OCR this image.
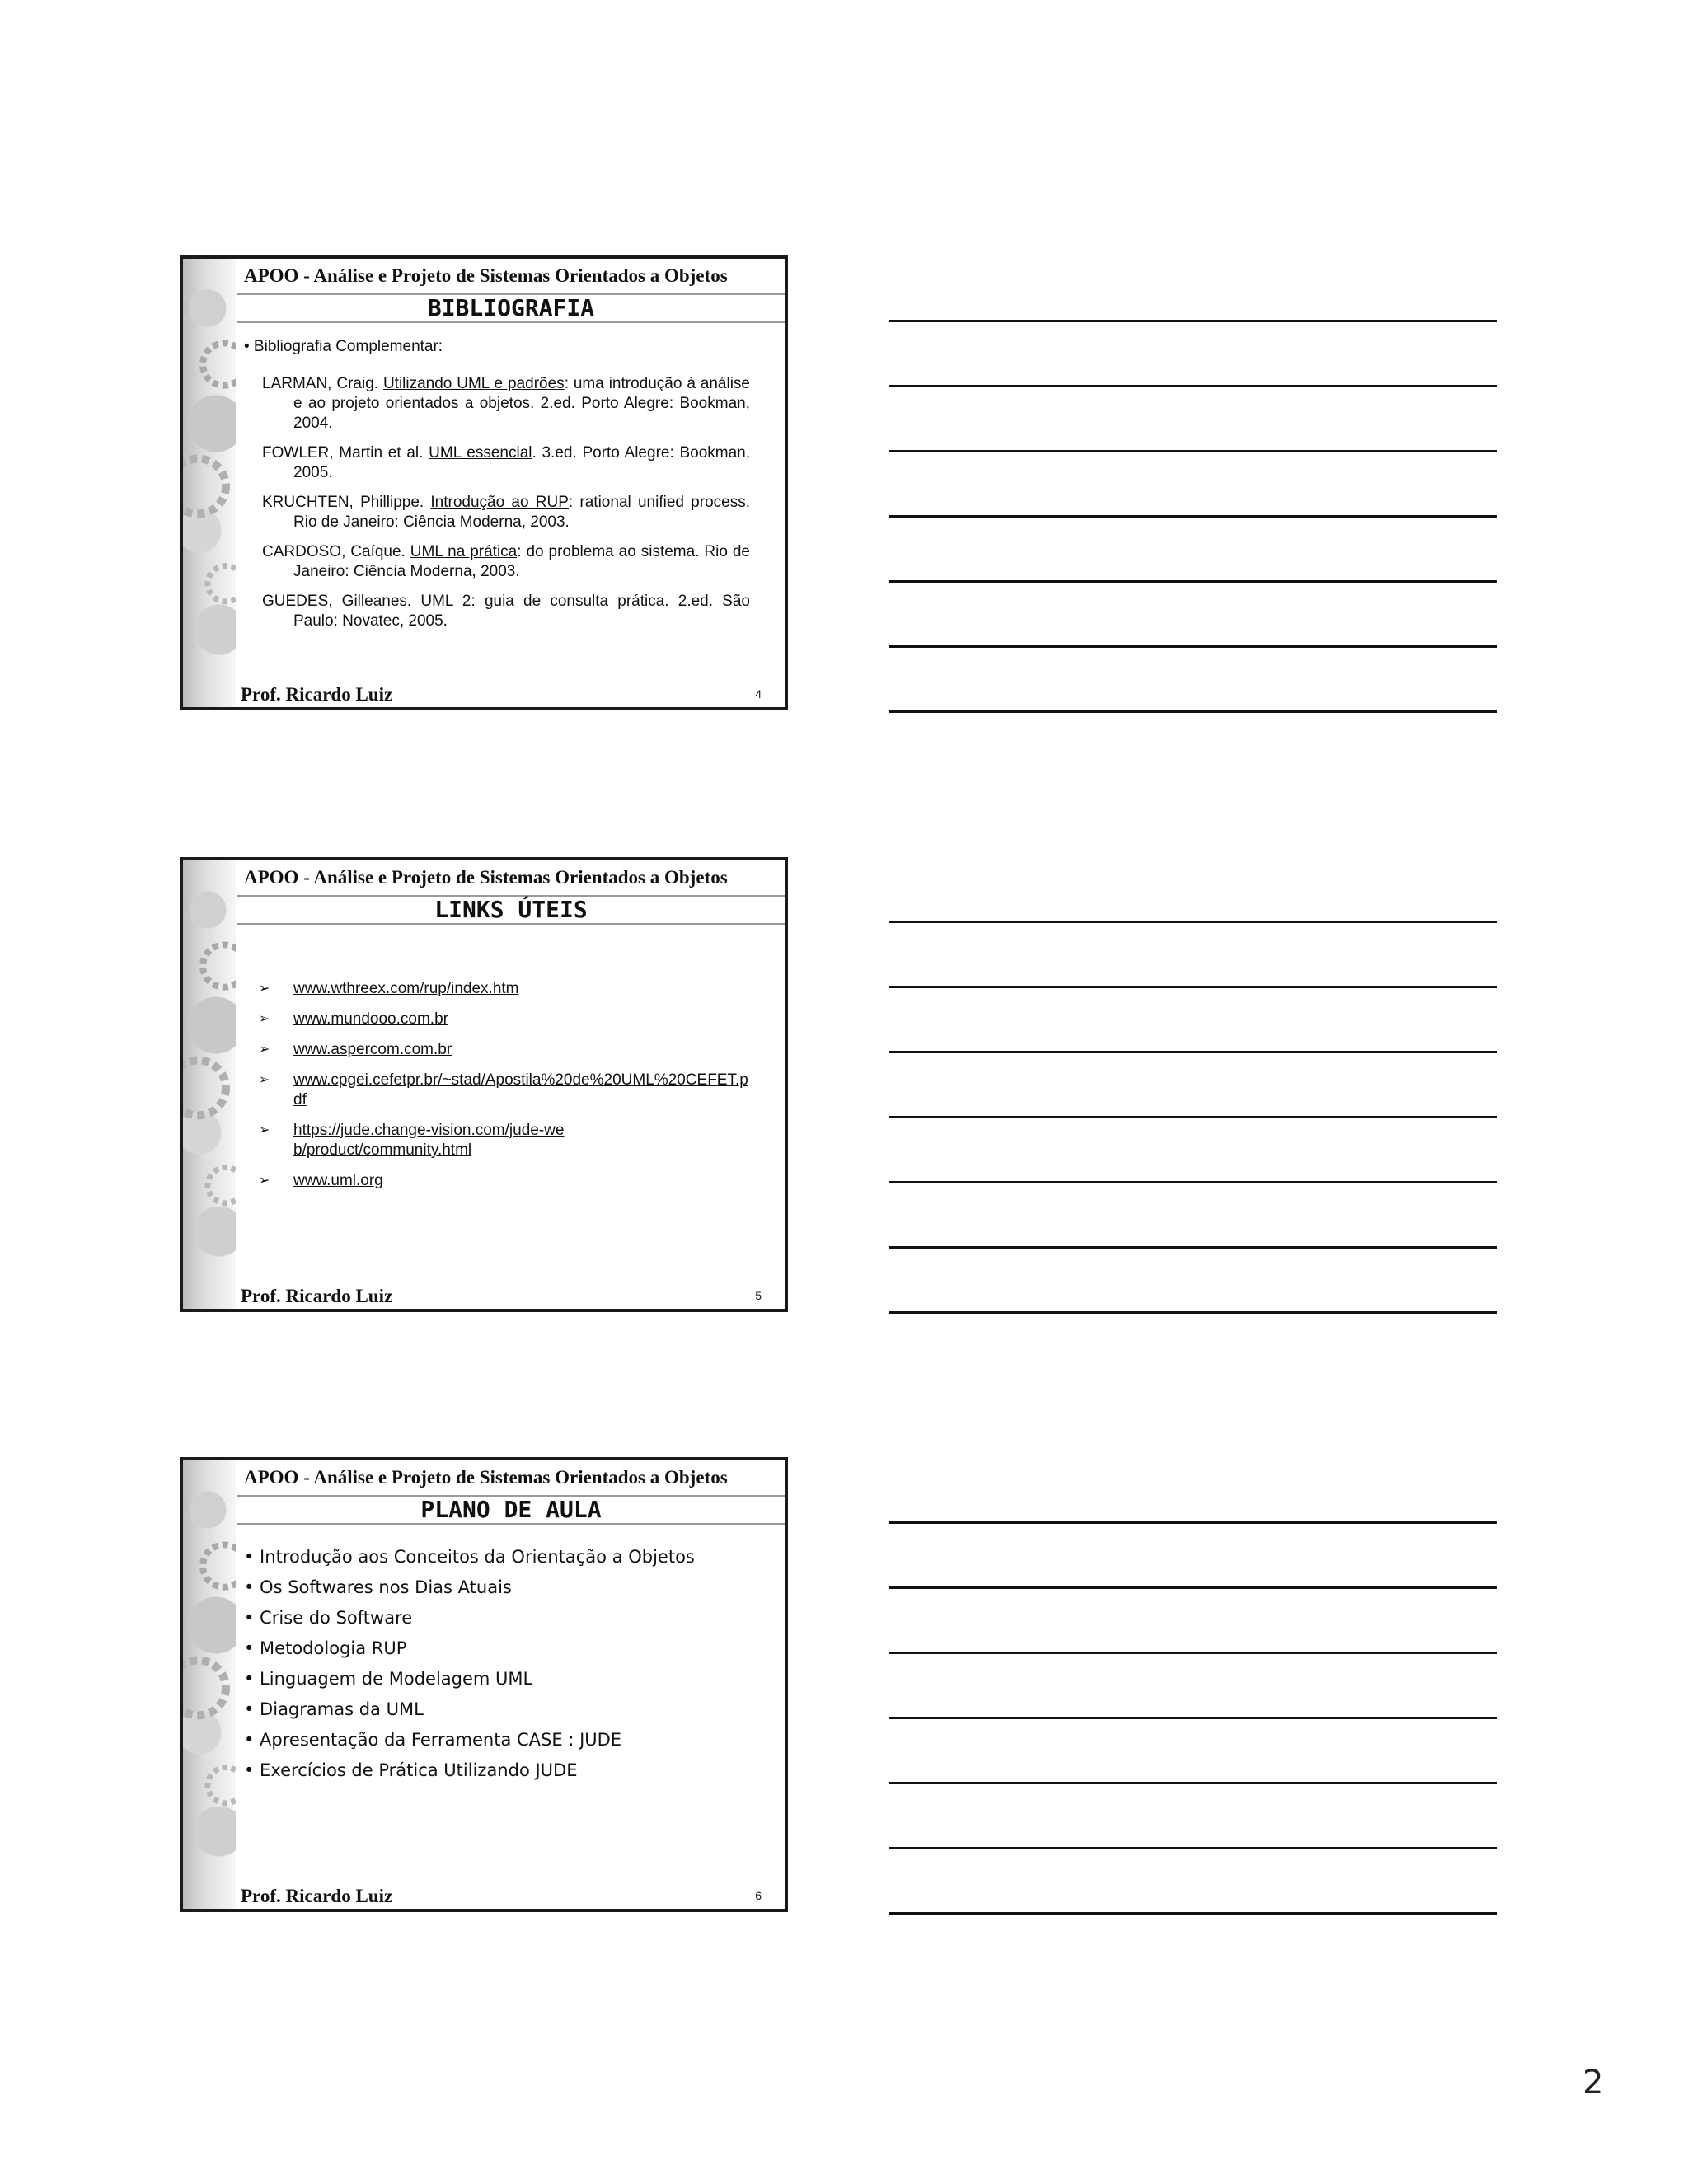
APOO - Análise e Projeto de Sistemas Orientados a Objetos
BIBLIOGRAFIA
• Bibliografia Complementar:
LARMAN, Craig. Utilizando UML e padrões: uma introdução à análise e ao projeto orientados a objetos. 2.ed. Porto Alegre: Bookman, 2004.
FOWLER, Martin et al. UML essencial. 3.ed. Porto Alegre: Bookman, 2005.
KRUCHTEN, Phillippe. Introdução ao RUP: rational unified process. Rio de Janeiro: Ciência Moderna, 2003.
CARDOSO, Caíque. UML na prática: do problema ao sistema. Rio de Janeiro: Ciência Moderna, 2003.
GUEDES, Gilleanes. UML 2: guia de consulta prática. 2.ed. São Paulo: Novatec, 2005.
Prof. Ricardo Luiz	4
APOO - Análise e Projeto de Sistemas Orientados a Objetos
LINKS ÚTEIS
➢ www.wthreex.com/rup/index.htm
➢ www.mundooo.com.br
➢ www.aspercom.com.br
➢ www.cpgei.cefetpr.br/~stad/Apostila%20de%20UML%20CEFET.pdf
➢ https://jude.change-vision.com/jude-web/product/community.html
➢ www.uml.org
Prof. Ricardo Luiz	5
APOO - Análise e Projeto de Sistemas Orientados a Objetos
PLANO DE AULA
• Introdução aos Conceitos da Orientação a Objetos
• Os Softwares nos Dias Atuais
• Crise do Software
• Metodologia RUP
• Linguagem de Modelagem UML
• Diagramas da UML
• Apresentação da Ferramenta CASE : JUDE
• Exercícios de Prática Utilizando JUDE
Prof. Ricardo Luiz	6
2
